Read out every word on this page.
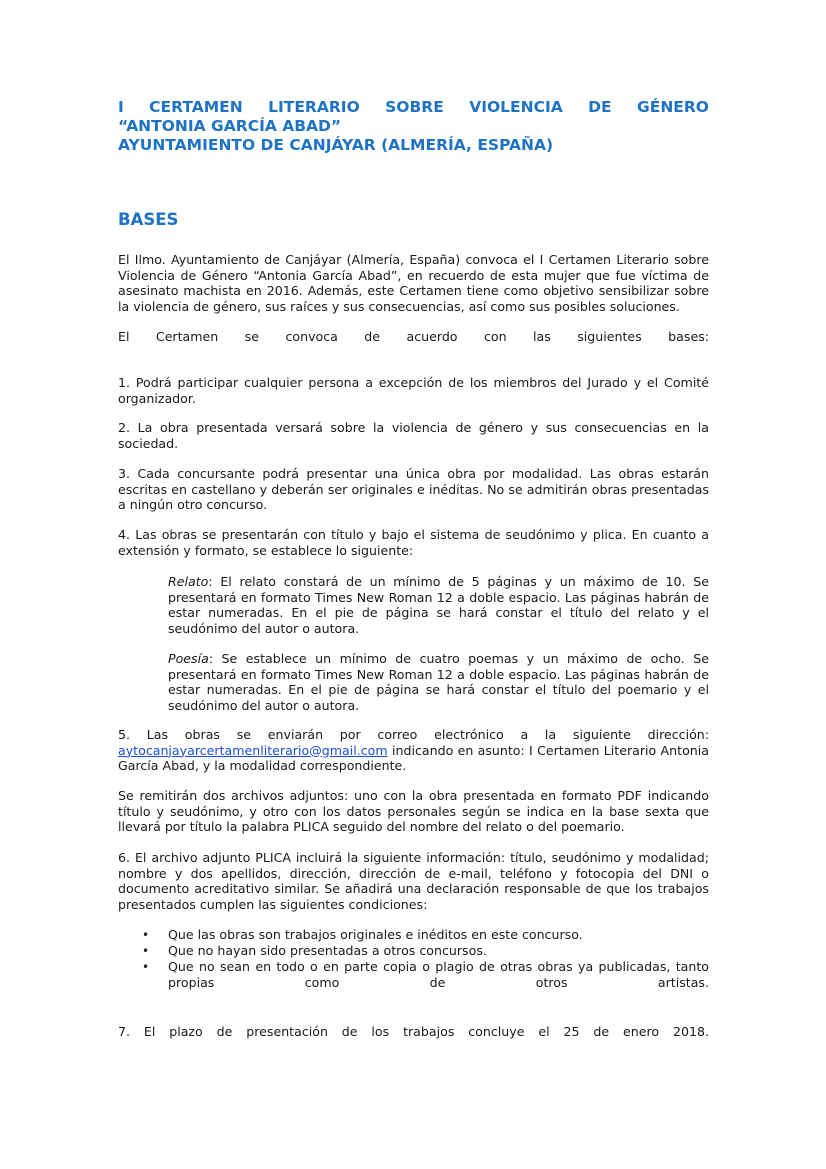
I CERTAMEN LITERARIO SOBRE VIOLENCIA DE GÉNERO
“ANTONIA GARCÍA ABAD”
AYUNTAMIENTO DE CANJÁYAR (ALMERÍA, ESPAÑA)
BASES

El Ilmo. Ayuntamiento de Canjáyar (Almería, España) convoca el I Certamen Literario sobre Violencia de Género “Antonia García Abad”, en recuerdo de esta mujer que fue víctima de asesinato machista en 2016. Además, este Certamen tiene como objetivo sensibilizar sobre la violencia de género, sus raíces y sus consecuencias, así como sus posibles soluciones.

El Certamen se convoca de acuerdo con las siguientes bases:

1. Podrá participar cualquier persona a excepción de los miembros del Jurado y el Comité organizador.

2. La obra presentada versará sobre la violencia de género y sus consecuencias en la sociedad.

3. Cada concursante podrá presentar una única obra por modalidad. Las obras estarán escritas en castellano y deberán ser originales e inéditas. No se admitirán obras presentadas a ningún otro concurso.

4. Las obras se presentarán con título y bajo el sistema de seudónimo y plica. En cuanto a extensión y formato, se establece lo siguiente:

Relato: El relato constará de un mínimo de 5 páginas y un máximo de 10. Se presentará en formato Times New Roman 12 a doble espacio. Las páginas habrán de estar numeradas. En el pie de página se hará constar el título del relato y el seudónimo del autor o autora.

Poesía: Se establece un mínimo de cuatro poemas y un máximo de ocho. Se presentará en formato Times New Roman 12 a doble espacio. Las páginas habrán de estar numeradas. En el pie de página se hará constar el título del poemario y el seudónimo del autor o autora.

5. Las obras se enviarán por correo electrónico a la siguiente dirección: aytocanjayarcertamenliterario@gmail.com indicando en asunto: I Certamen Literario Antonia García Abad, y la modalidad correspondiente.

Se remitirán dos archivos adjuntos: uno con la obra presentada en formato PDF indicando título y seudónimo, y otro con los datos personales según se indica en la base sexta que llevará por título la palabra PLICA seguido del nombre del relato o del poemario.

6. El archivo adjunto PLICA incluirá la siguiente información: título, seudónimo y modalidad; nombre y dos apellidos, dirección, dirección de e-mail, teléfono y fotocopia del DNI o documento acreditativo similar. Se añadirá una declaración responsable de que los trabajos presentados cumplen las siguientes condiciones:

• Que las obras son trabajos originales e inéditos en este concurso.
• Que no hayan sido presentadas a otros concursos.
• Que no sean en todo o en parte copia o plagio de otras obras ya publicadas, tanto propias como de otros artistas.

7. El plazo de presentación de los trabajos concluye el 25 de enero 2018.
